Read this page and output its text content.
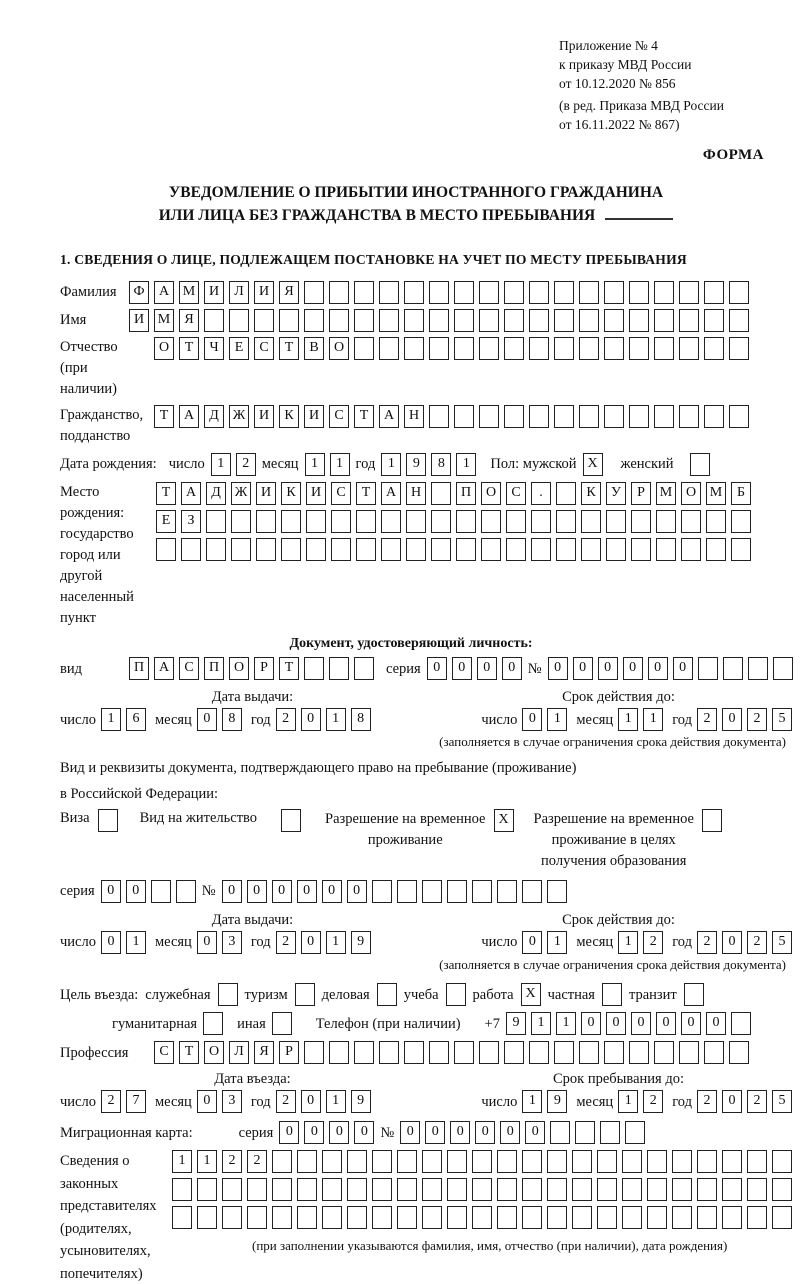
Приложение № 4
к приказу МВД России
от 10.12.2020 № 856
(в ред. Приказа МВД России
от 16.11.2022 № 867)
ФОРМА
УВЕДОМЛЕНИЕ О ПРИБЫТИИ ИНОСТРАННОГО ГРАЖДАНИНА
ИЛИ ЛИЦА БЕЗ ГРАЖДАНСТВА В МЕСТО ПРЕБЫВАНИЯ
1. СВЕДЕНИЯ О ЛИЦЕ, ПОДЛЕЖАЩЕМ ПОСТАНОВКЕ НА УЧЕТ ПО МЕСТУ ПРЕБЫВАНИЯ
Фамилия	Ф	А М И	Л	И	Я
Имя	И М	Я
Отчество
(при наличии)
О	Т	Ч	Е	С	Т	В	О
Гражданство,
подданство
Т	А	Д Ж И	К	И	С	Т	А	Н
Дата рождения: число 1	2 месяц 1	1 год 1	9	8	1	Пол: мужской X	женский
Место рождения:
государство
город или другой
населенный пункт
Т	А	Д Ж И	К	И	С	Т	А	Н	П	О	С	.	К	У	Р	М О М	Б
Е	З
Документ, удостоверяющий личность:
вид	П	А	С	П	О	Р	Т	серия 0	0	0	0 № 0	0	0	0	0	0
Дата выдачи:	Срок действия до:
число 1	6	месяц 0	8	год 2	0	1	8	число 0	1	месяц 1	1	год 2	0	2	5
(заполняется в случае ограничения срока действия документа)
Вид и реквизиты документа, подтверждающего право на пребывание (проживание)
в Российской Федерации:
Виза	Вид на жительство	Разрешение на временное
проживание
X	Разрешение на временное
проживание в целях
получения образования
серия 0	0	№ 0	0	0	0	0	0
Дата выдачи:	Срок действия до:
число 0	1	месяц 0	3	год 2	0	1	9	число 0	1	месяц 1	2	год 2	0	2	5
(заполняется в случае ограничения срока действия документа)
Цель въезда: служебная туризм деловая учеба работа X частная транзит
гуманитарная	иная	Телефон (при наличии) +7 9	1	1	0	0	0	0	0	0
Профессия	С	Т	О	Л	Я	Р
Дата въезда:	Срок пребывания до:
число 2	7	месяц 0	3	год 2	0	1	9	число 1	9	месяц 1	2	год 2	0	2	5
Миграционная карта:	серия 0	0	0	0 № 0	0	0	0	0	0
Сведения о
законных
представителях
(родителях,
усыновителях,
попечителях)
1	1	2	2
(при заполнении указываются фамилия, имя, отчество (при наличии), дата рождения)
